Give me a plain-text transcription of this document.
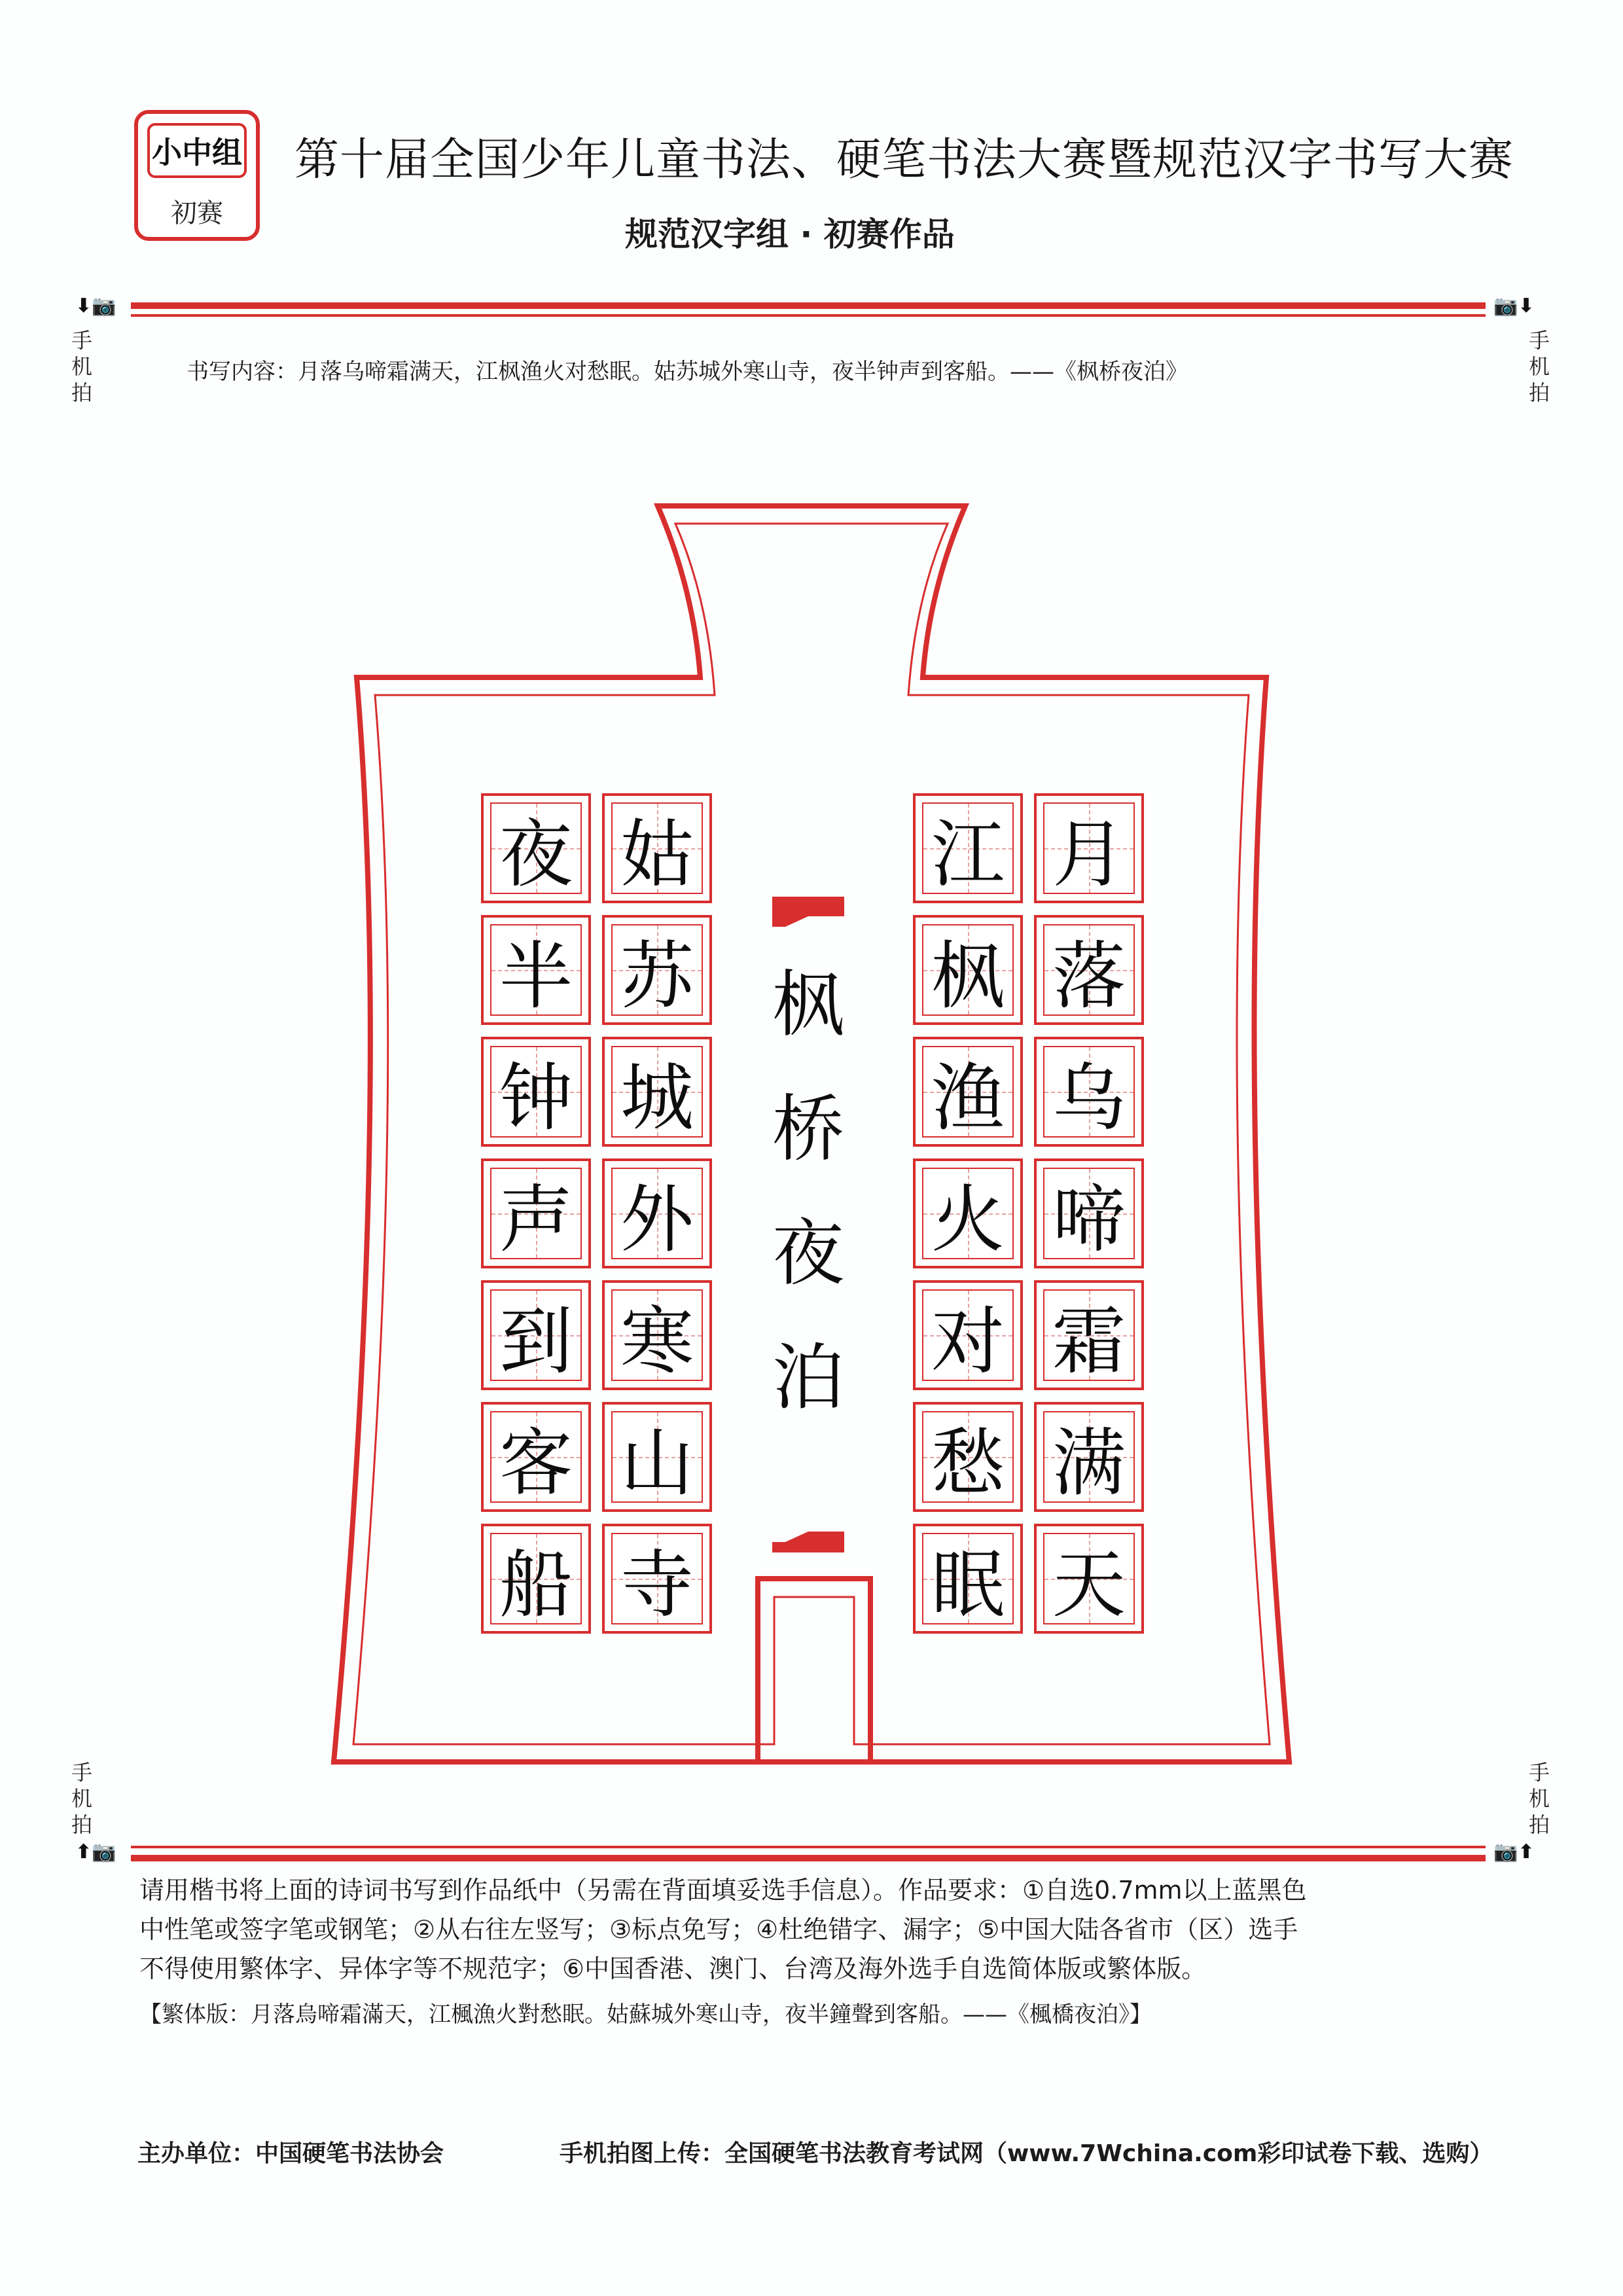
小中组
初赛
第十届全国少年儿童书法、硬笔书法大赛暨规范汉字书写大赛
规范汉字组 · 初赛作品
⬇📷	📷⬇
手
机
拍
手
机
拍
书写内容：月落乌啼霜满天，江枫渔火对愁眠。姑苏城外寒山寺，夜半钟声到客船。——《枫桥夜泊》
月
落
乌
啼
霜
满
天
江
枫
渔
火
对
愁
眠
枫
桥
夜
泊
姑
苏
城
外
寒
山
寺
夜
半
钟
声
到
客
船
手
机
拍
手
机
拍
⬆📷	📷⬆
请用楷书将上面的诗词书写到作品纸中（另需在背面填妥选手信息）。作品要求：①自选0.7mm以上蓝黑色
中性笔或签字笔或钢笔；②从右往左竖写；③标点免写；④杜绝错字、漏字；⑤中国大陆各省市（区）选手
不得使用繁体字、异体字等不规范字；⑥中国香港、澳门、台湾及海外选手自选简体版或繁体版。
【繁体版：月落烏啼霜滿天，江楓漁火對愁眠。姑蘇城外寒山寺，夜半鐘聲到客船。——《楓橋夜泊》】
主办单位：中国硬笔书法协会	手机拍图上传：全国硬笔书法教育考试网（www.7Wchina.com彩印试卷下载、选购）
